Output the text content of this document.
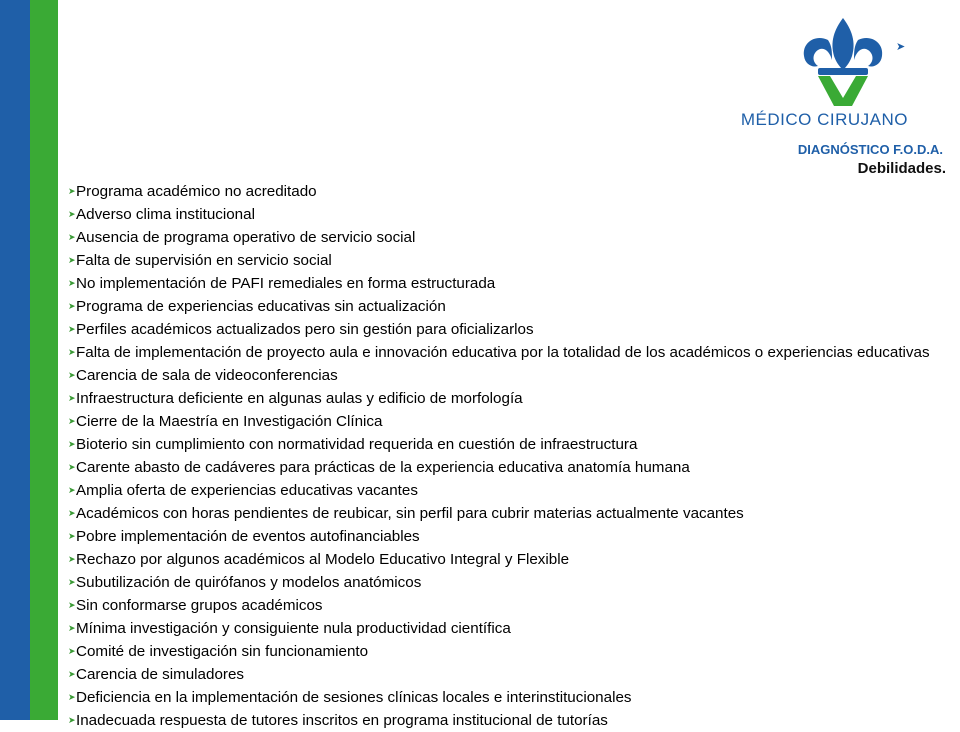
➤
MÉDICO CIRUJANO
DIAGNÓSTICO F.O.D.A.
Debilidades.
➤Programa académico no acreditado
➤Adverso clima institucional
➤Ausencia de programa operativo de servicio social
➤Falta de supervisión en servicio social
➤No implementación de PAFI remediales en forma estructurada
➤Programa de experiencias educativas sin actualización
➤Perfiles académicos actualizados pero sin gestión para oficializarlos
➤Falta de implementación de proyecto aula e innovación educativa por la totalidad de los académicos o experiencias educativas
➤Carencia de sala de videoconferencias
➤Infraestructura deficiente en algunas aulas y edificio de morfología
➤Cierre de la Maestría en Investigación Clínica
➤Bioterio sin cumplimiento con normatividad requerida en cuestión de infraestructura
➤Carente abasto de cadáveres para prácticas de la experiencia educativa anatomía humana
➤Amplia oferta de experiencias educativas vacantes
➤Académicos con horas pendientes de reubicar, sin perfil para cubrir materias actualmente vacantes
➤Pobre implementación de eventos autofinanciables
➤Rechazo por algunos académicos al Modelo Educativo Integral y Flexible
➤Subutilización de quirófanos y modelos anatómicos
➤Sin conformarse grupos académicos
➤Mínima investigación y consiguiente nula productividad científica
➤Comité de investigación sin funcionamiento
➤Carencia de simuladores
➤Deficiencia en la implementación de sesiones clínicas locales e interinstitucionales
➤Inadecuada respuesta de tutores inscritos en programa institucional de tutorías
